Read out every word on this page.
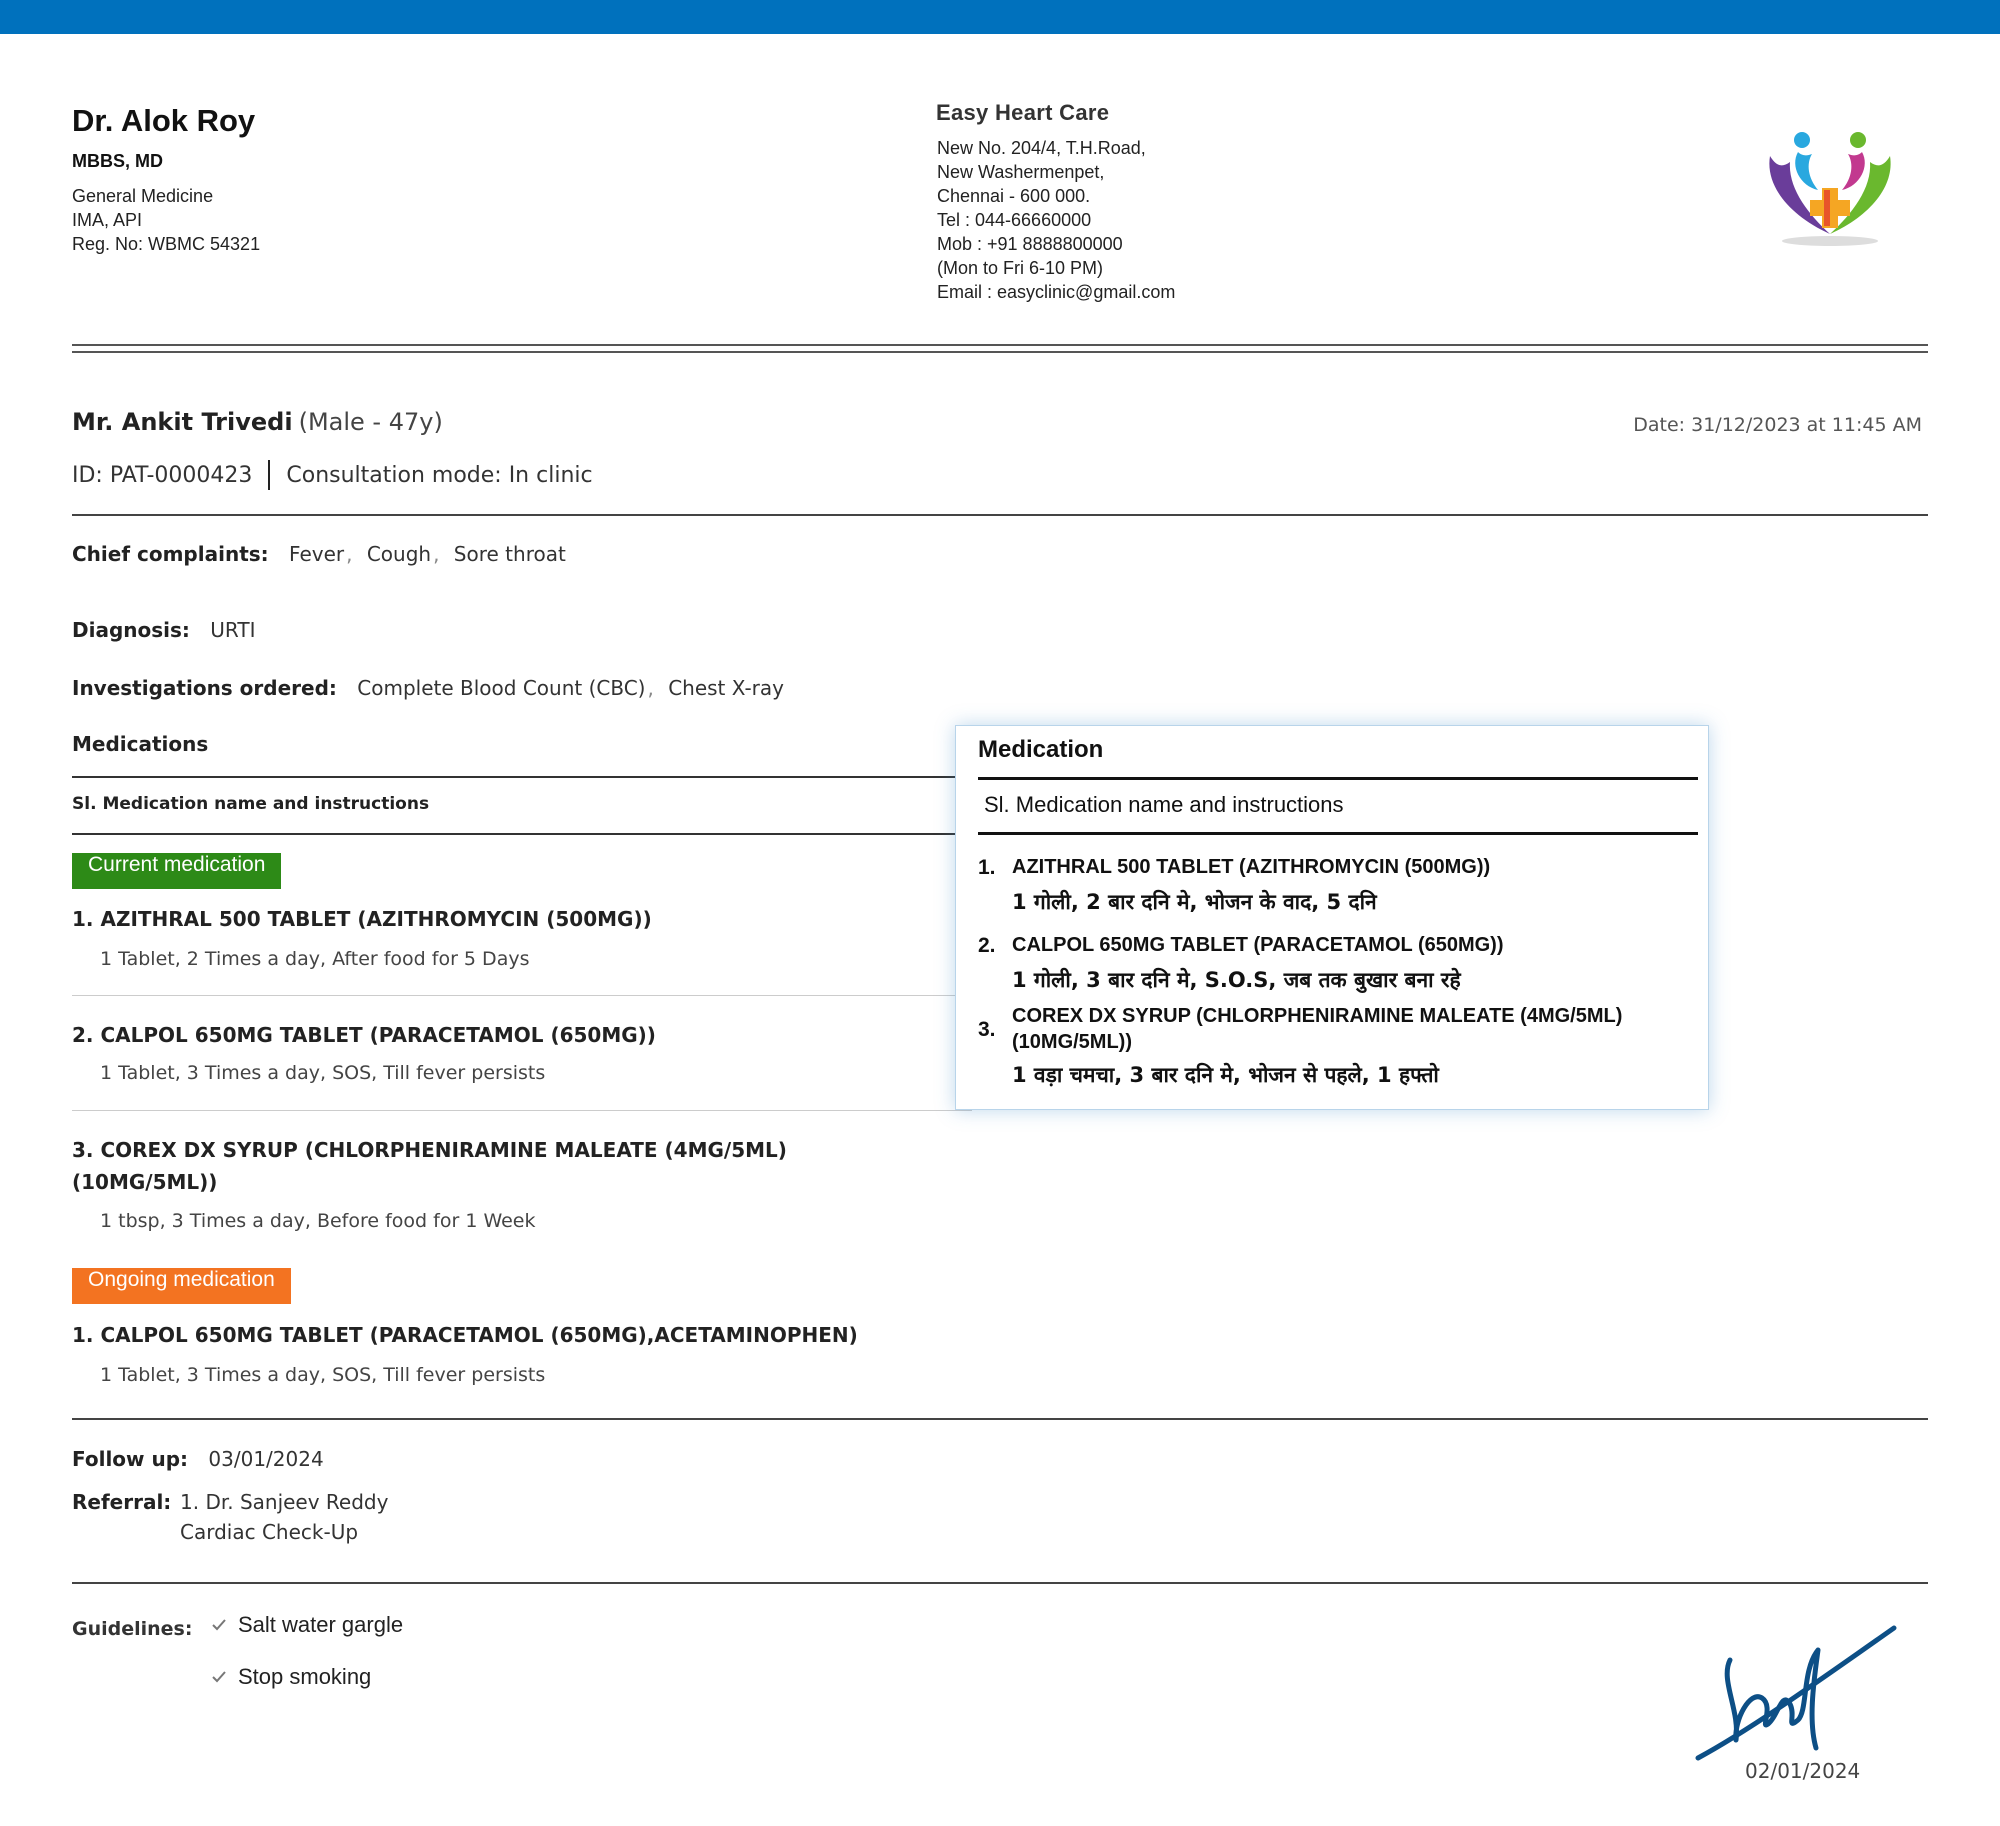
Dr. Alok Roy
MBBS, MD
General Medicine
IMA, API
Reg. No: WBMC 54321
Easy Heart Care
New No. 204/4, T.H.Road,
New Washermenpet,
Chennai - 600 000.
Tel : 044-66660000
Mob : +91 8888800000
(Mon to Fri 6-10 PM)
Email : easyclinic@gmail.com
Mr. Ankit Trivedi (Male - 47y)	Date: 31/12/2023 at 11:45 AM
ID: PAT-0000423 Consultation mode: In clinic
Chief complaints: Fever , Cough , Sore throat
Diagnosis: URTI
Investigations ordered: Complete Blood Count (CBC) , Chest X-ray
Medications
Sl. Medication name and instructions
Current medication
1. AZITHRAL 500 TABLET (AZITHROMYCIN (500MG))
1 Tablet, 2 Times a day, After food for 5 Days
2. CALPOL 650MG TABLET (PARACETAMOL (650MG))
1 Tablet, 3 Times a day, SOS, Till fever persists
3. COREX DX SYRUP (CHLORPHENIRAMINE MALEATE (4MG/5ML)
(10MG/5ML))
1 tbsp, 3 Times a day, Before food for 1 Week
Ongoing medication
1. CALPOL 650MG TABLET (PARACETAMOL (650MG),ACETAMINOPHEN)
1 Tablet, 3 Times a day, SOS, Till fever persists
Follow up: 03/01/2024
Referral: 1. Dr. Sanjeev Reddy
Cardiac Check-Up
Guidelines: Salt water gargle
Stop smoking
02/01/2024
Medication
Sl. Medication name and instructions
1. AZITHRAL 500 TABLET (AZITHROMYCIN (500MG))
1 गोली, 2 बार दनि मे, भोजन के वाद, 5 दनि
2. CALPOL 650MG TABLET (PARACETAMOL (650MG))
1 गोली, 3 बार दनि मे, S.O.S, जब तक बुखार बना रहे
3.
COREX DX SYRUP (CHLORPHENIRAMINE MALEATE (4MG/5ML)
(10MG/5ML))
1 वड़ा चमचा, 3 बार दनि मे, भोजन से पहले, 1 हफ्तो
